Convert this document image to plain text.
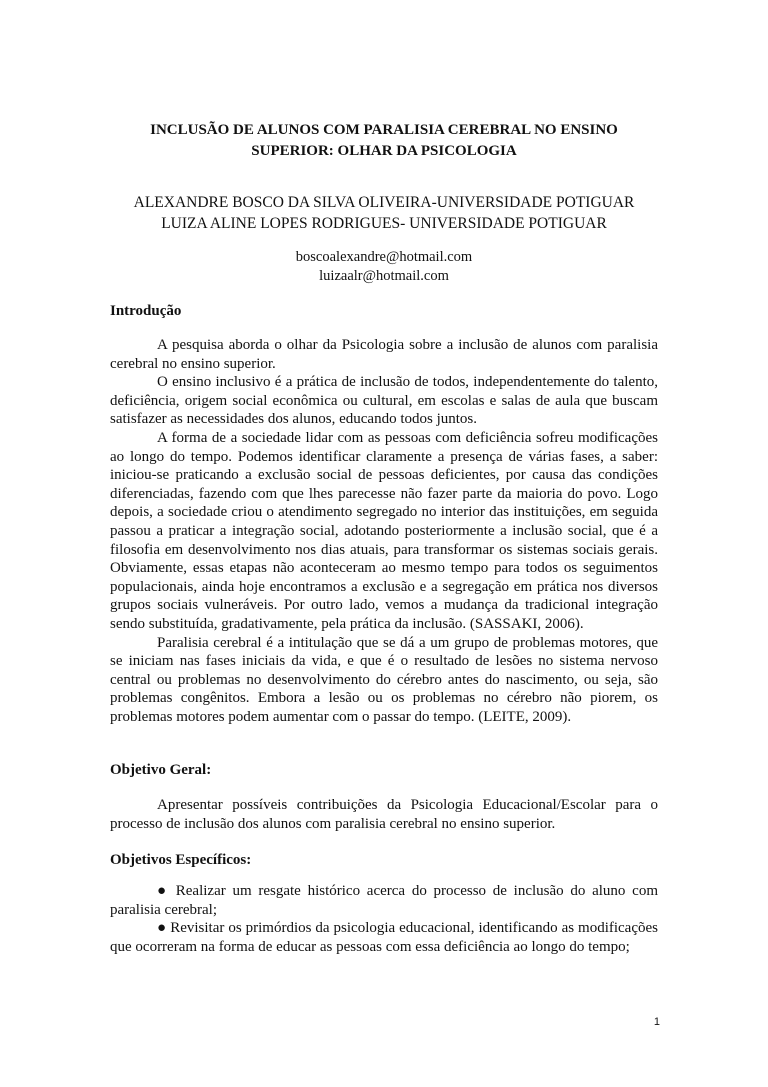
INCLUSÃO DE ALUNOS COM PARALISIA CEREBRAL NO ENSINO
SUPERIOR: OLHAR DA PSICOLOGIA
ALEXANDRE BOSCO DA SILVA OLIVEIRA-UNIVERSIDADE POTIGUAR
LUIZA ALINE LOPES RODRIGUES- UNIVERSIDADE POTIGUAR
boscoalexandre@hotmail.com
luizaalr@hotmail.com
Introdução

A pesquisa aborda o olhar da Psicologia sobre a inclusão de alunos com paralisia cerebral no ensino superior.

O ensino inclusivo é a prática de inclusão de todos, independentemente do talento, deficiência, origem social econômica ou cultural, em escolas e salas de aula que buscam satisfazer as necessidades dos alunos, educando todos juntos.

A forma de a sociedade lidar com as pessoas com deficiência sofreu modificações ao longo do tempo. Podemos identificar claramente a presença de várias fases, a saber: iniciou-se praticando a exclusão social de pessoas deficientes, por causa das condições diferenciadas, fazendo com que lhes parecesse não fazer parte da maioria do povo. Logo depois, a sociedade criou o atendimento segregado no interior das instituições, em seguida passou a praticar a integração social, adotando posteriormente a inclusão social, que é a filosofia em desenvolvimento nos dias atuais, para transformar os sistemas sociais gerais. Obviamente, essas etapas não aconteceram ao mesmo tempo para todos os seguimentos populacionais, ainda hoje encontramos a exclusão e a segregação em prática nos diversos grupos sociais vulneráveis. Por outro lado, vemos a mudança da tradicional integração sendo substituída, gradativamente, pela prática da inclusão. (SASSAKI, 2006).

Paralisia cerebral é a intitulação que se dá a um grupo de problemas motores, que se iniciam nas fases iniciais da vida, e que é o resultado de lesões no sistema nervoso central ou problemas no desenvolvimento do cérebro antes do nascimento, ou seja, são problemas congênitos. Embora a lesão ou os problemas no cérebro não piorem, os problemas motores podem aumentar com o passar do tempo. (LEITE, 2009).

Objetivo Geral:

Apresentar possíveis contribuições da Psicologia Educacional/Escolar para o processo de inclusão dos alunos com paralisia cerebral no ensino superior.

Objetivos Específicos:

● Realizar um resgate histórico acerca do processo de inclusão do aluno com paralisia cerebral;

● Revisitar os primórdios da psicologia educacional, identificando as modificações que ocorreram na forma de educar as pessoas com essa deficiência ao longo do tempo;

1
